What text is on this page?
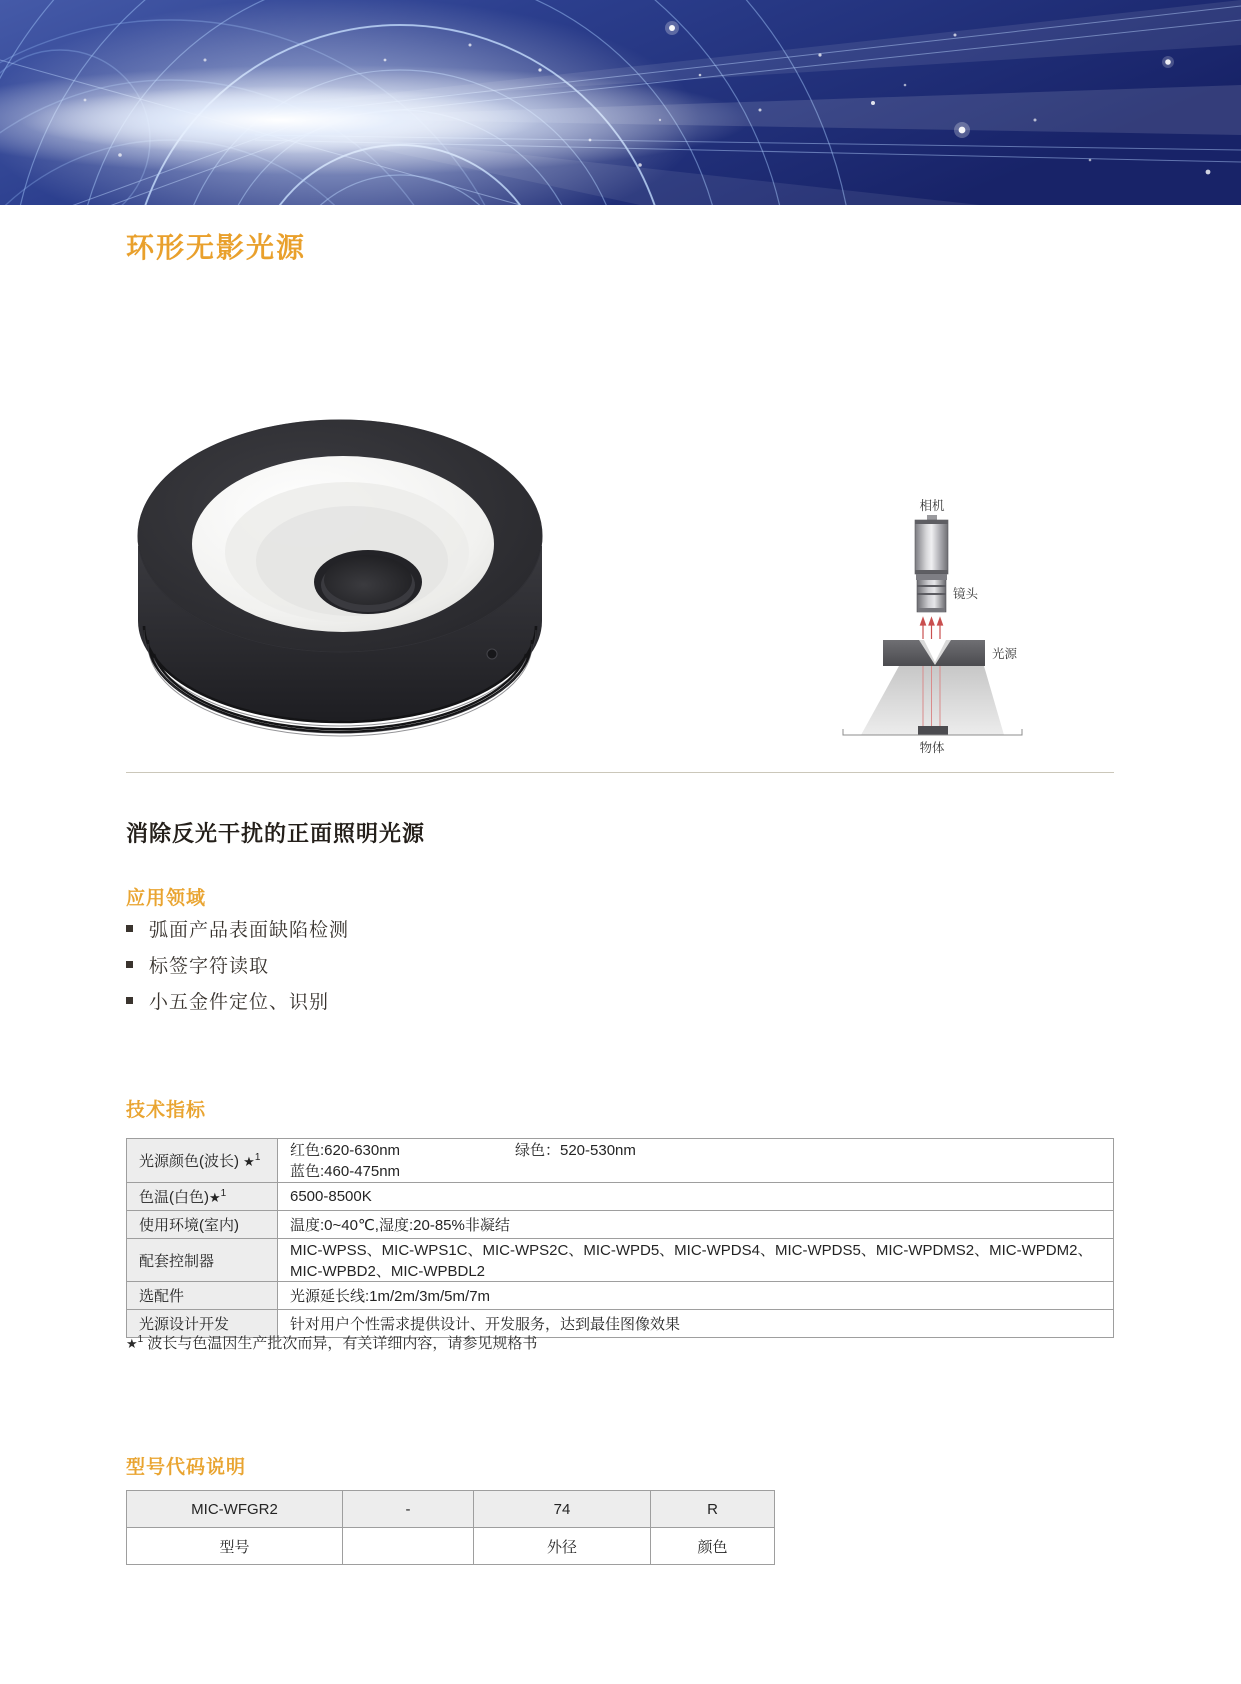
环形无影光源
相机
镜头
光源
物体
消除反光干扰的正面照明光源
应用领域
弧面产品表面缺陷检测
标签字符读取
小五金件定位、识别
技术指标
光源颜色(波长) ★$^1$	红色:620-630nm 绿色：520-530nm
蓝色:460-475nm

色温(白色)★$^1$	6500-8500K
使用环境(室内)	温度:0~40℃,湿度:20-85%非凝结
配套控制器	MIC-WPSS、MIC-WPS1C、MIC-WPS2C、MIC-WPD5、MIC-WPDS4、MIC-WPDS5、MIC-WPDMS2、MIC-WPDM2、MIC-WPBD2、MIC-WPBDL2
选配件	光源延长线:1m/2m/3m/5m/7m
光源设计开发	针对用户个性需求提供设计、开发服务，达到最佳图像效果
★$^1$ 波长与色温因生产批次而异，有关详细内容，请参见规格书
型号代码说明
MIC-WFGR2	-	74	R
型号		外径	颜色
